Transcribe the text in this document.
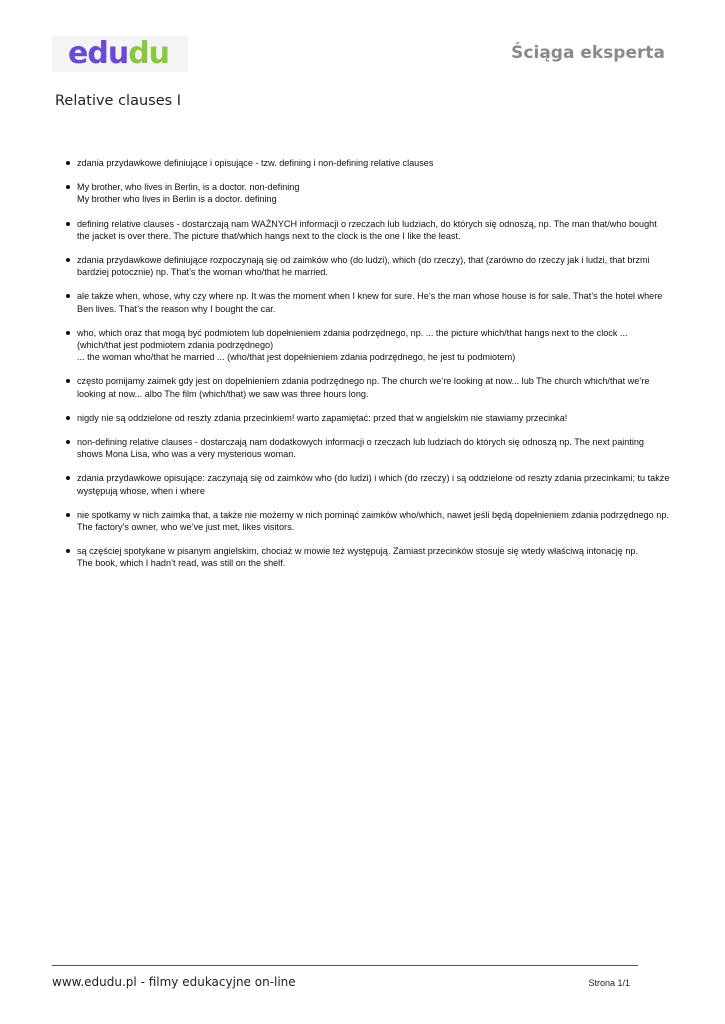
edudu	Ściąga eksperta
Relative clauses I
zdania przydawkowe definiujące i opisujące - tzw. defining i non-defining relative clauses
My brother, who lives in Berlin, is a doctor. non-defining
My brother who lives in Berlin is a doctor. defining
defining relative clauses - dostarczają nam WAŻNYCH informacji o rzeczach lub ludziach, do których się odnoszą, np. The man that/who bought the jacket is over there. The picture that/which hangs next to the clock is the one I like the least.
zdania przydawkowe definiujące rozpoczynają się od zaimków who (do ludzi), which (do rzeczy), that (zarówno do rzeczy jak i ludzi, that brzmi bardziej potocznie) np. That’s the woman who/that he married.
ale także when, whose, why czy where np. It was the moment when I knew for sure. He’s the man whose house is for sale. That’s the hotel where Ben lives. That’s the reason why I bought the car.
who, which oraz that mogą być podmiotem lub dopełnieniem zdania podrzędnego, np. ... the picture which/that hangs next to the clock ... (which/that jest podmiotem zdania podrzędnego)
... the woman who/that he married ... (who/that jest dopełnieniem zdania podrzędnego, he jest tu podmiotem)
często pomijamy zaimek gdy jest on dopełnieniem zdania podrzędnego np. The church we’re looking at now... lub The church which/that we’re looking at now... albo The film (which/that) we saw was three hours long.
nigdy nie są oddzielone od reszty zdania przecinkiem! warto zapamiętać: przed that w angielskim nie stawiamy przecinka!
non-defining relative clauses - dostarczają nam dodatkowych informacji o rzeczach lub ludziach do których się odnoszą np. The next painting shows Mona Lisa, who was a very mysterious woman.
zdania przydawkowe opisujące: zaczynają się od zaimków who (do ludzi) i which (do rzeczy) i są oddzielone od reszty zdania przecinkami; tu także występują whose, when i where
nie spotkamy w nich zaimka that, a także nie możemy w nich pominąć zaimków who/which, nawet jeśli będą dopełnieniem zdania podrzędnego np. The factory’s owner, who we’ve just met, likes visitors.
są częściej spotykane w pisanym angielskim, chociaż w mowie też występują. Zamiast przecinków stosuje się wtedy właściwą intonację np.
The book, which I hadn’t read, was still on the shelf.
www.edudu.pl - filmy edukacyjne on-line	Strona 1/1
